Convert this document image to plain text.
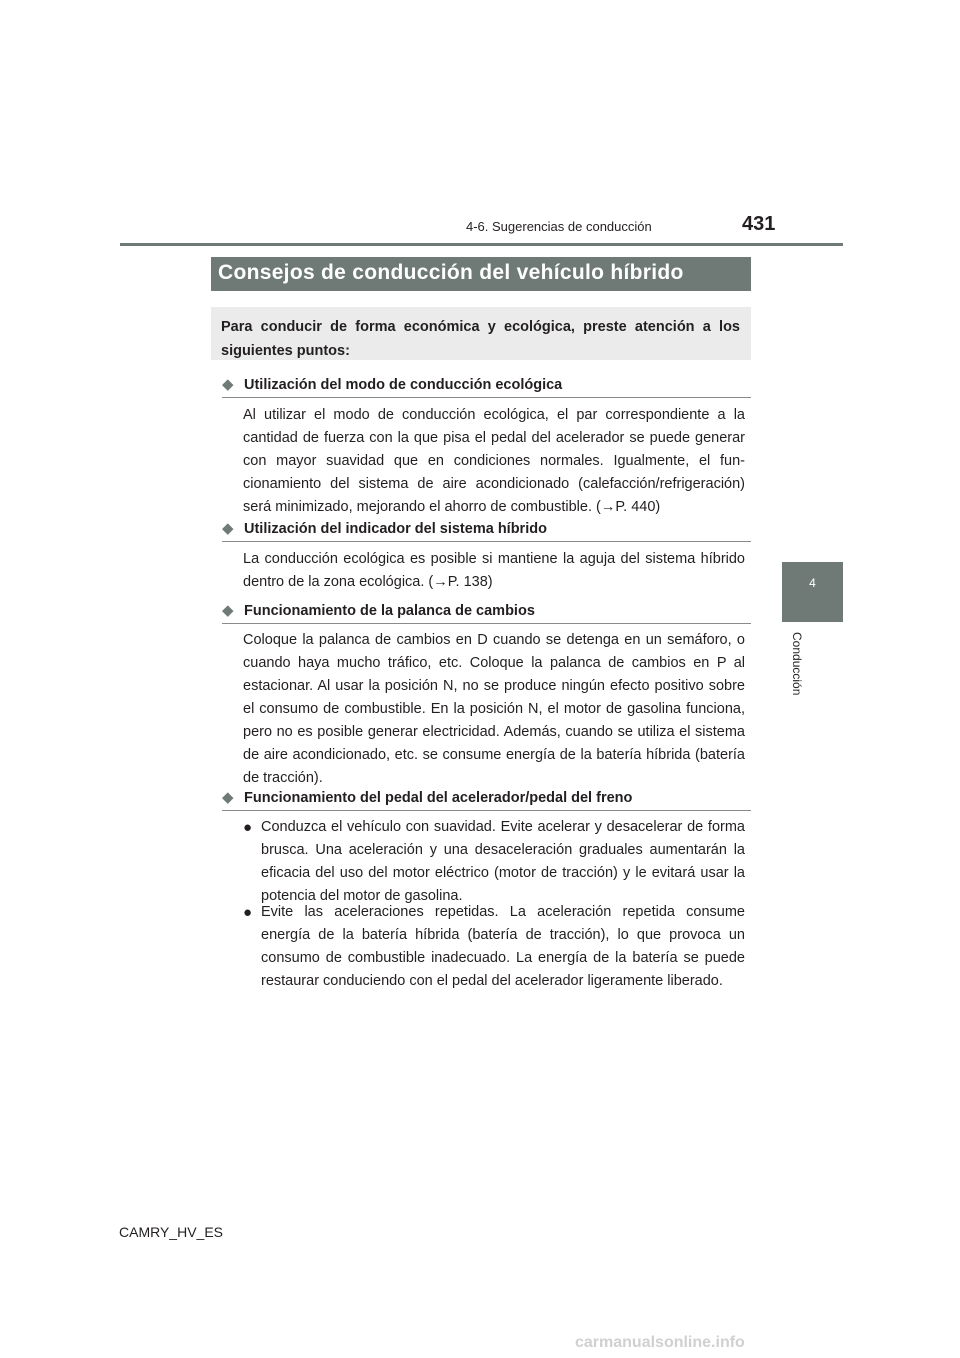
4-6. Sugerencias de conducción	431
4
Conducción
Consejos de conducción del vehículo híbrido
Para conducir de forma económica y ecológica, preste atención a los siguientes puntos:
◆ Utilización del modo de conducción ecológica
Al utilizar el modo de conducción ecológica, el par correspondiente a la cantidad de fuerza con la que pisa el pedal del acelerador se puede generar con mayor suavidad que en condiciones normales. Igualmente, el funcionamiento del sistema de aire acondicionado (calefacción/refrigeración) será minimizado, mejorando el ahorro de combustible. (→P. 440)
◆ Utilización del indicador del sistema híbrido
La conducción ecológica es posible si mantiene la aguja del sistema híbrido dentro de la zona ecológica. (→P. 138)
◆ Funcionamiento de la palanca de cambios
Coloque la palanca de cambios en D cuando se detenga en un semáforo, o cuando haya mucho tráfico, etc. Coloque la palanca de cambios en P al estacionar. Al usar la posición N, no se produce ningún efecto positivo sobre el consumo de combustible. En la posición N, el motor de gasolina funciona, pero no es posible generar electricidad. Además, cuando se utiliza el sistema de aire acondicionado, etc. se consume energía de la batería híbrida (batería de tracción).
◆ Funcionamiento del pedal del acelerador/pedal del freno
● Conduzca el vehículo con suavidad. Evite acelerar y desacelerar de forma brusca. Una aceleración y una desaceleración graduales aumentarán la eficacia del uso del motor eléctrico (motor de tracción) y le evitará usar la potencia del motor de gasolina.
● Evite las aceleraciones repetidas. La aceleración repetida consume energía de la batería híbrida (batería de tracción), lo que provoca un consumo de combustible inadecuado. La energía de la batería se puede restaurar conduciendo con el pedal del acelerador ligeramente liberado.
CAMRY_HV_ES
carmanualsonline.info
